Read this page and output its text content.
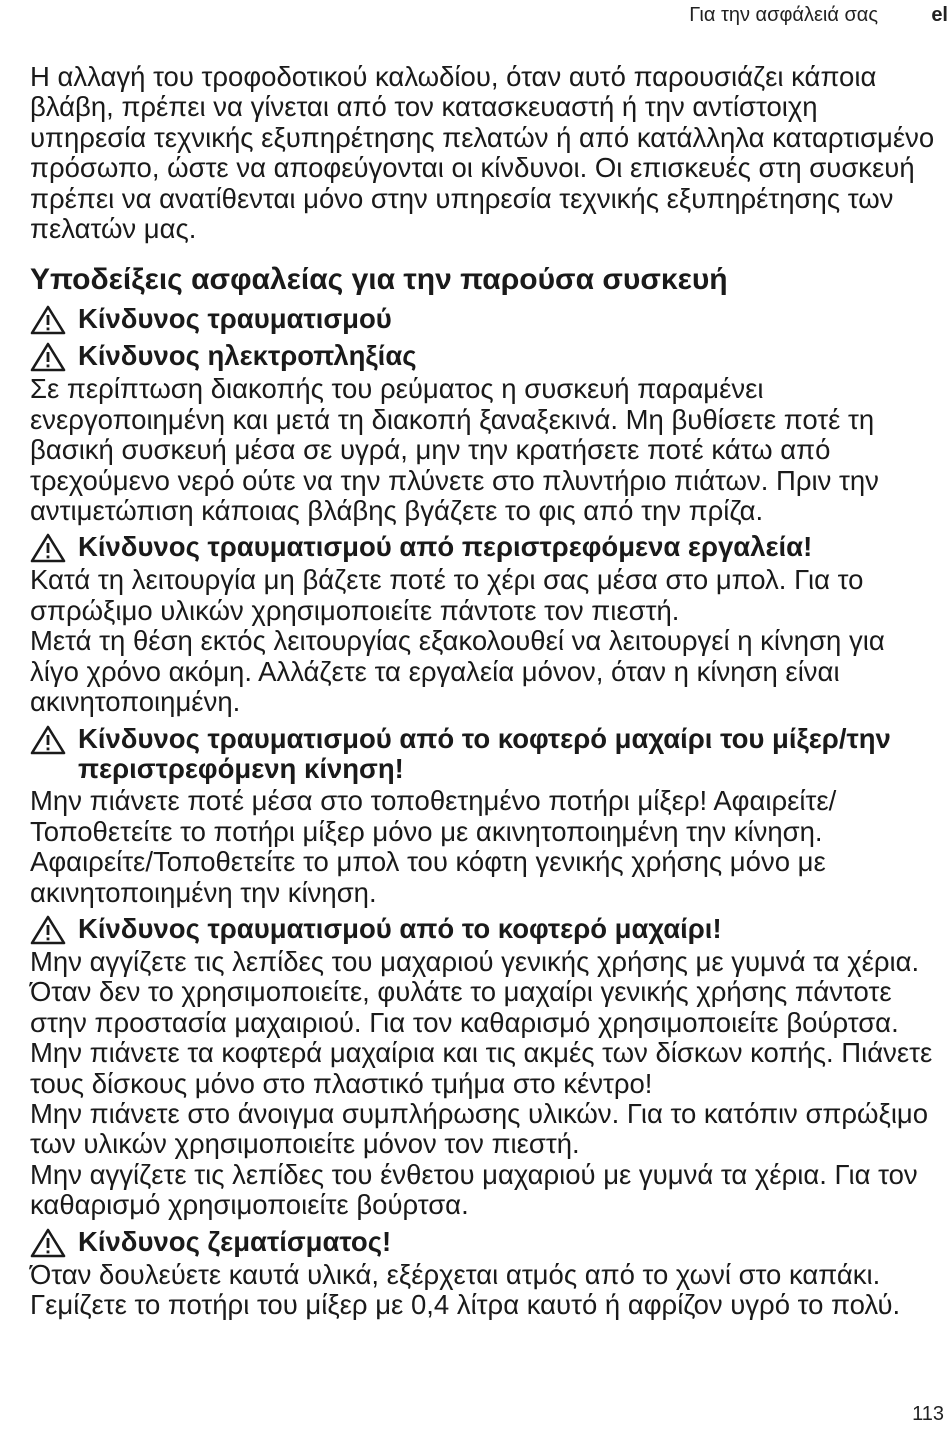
Για την ασφάλειά σας	el

Η αλλαγή του τροφοδοτικού καλωδίου, όταν αυτό παρουσιάζει κάποια βλάβη, πρέπει να γίνεται από τον κατασκευαστή ή την αντίστοιχη υπηρεσία τεχνικής εξυπηρέτησης πελατών ή από κατάλληλα καταρτισμένο πρόσωπο, ώστε να αποφεύγονται οι κίνδυνοι. Οι επισκευές στη συσκευή πρέπει να ανατίθενται μόνο στην υπηρεσία τεχνικής εξυπηρέτησης των πελατών μας.

Υποδείξεις ασφαλείας για την παρούσα συσκευή
Κίνδυνος τραυματισμού
Κίνδυνος ηλεκτροπληξίας

Σε περίπτωση διακοπής του ρεύματος η συσκευή παραμένει ενεργοποιημένη και μετά τη διακοπή ξαναξεκινά. Μη βυθίσετε ποτέ τη βασική συσκευή μέσα σε υγρά, μην την κρατήσετε ποτέ κάτω από τρεχούμενο νερό ούτε να την πλύνετε στο πλυντήριο πιάτων. Πριν την αντιμετώπιση κάποιας βλάβης βγάζετε το φις από την πρίζα.

Κίνδυνος τραυματισμού από περιστρεφόμενα εργαλεία!

Κατά τη λειτουργία μη βάζετε ποτέ το χέρι σας μέσα στο μπολ. Για το σπρώξιμο υλικών χρησιμοποιείτε πάντοτε τον πιεστή.

Μετά τη θέση εκτός λειτουργίας εξακολουθεί να λειτουργεί η κίνηση για λίγο χρόνο ακόμη. Αλλάζετε τα εργαλεία μόνον, όταν η κίνηση είναι ακινητοποιημένη.

Κίνδυνος τραυματισμού από το κοφτερό μαχαίρι του μίξερ/την περιστρεφόμενη κίνηση!

Μην πιάνετε ποτέ μέσα στο τοποθετημένο ποτήρι μίξερ! Αφαιρείτε/Τοποθετείτε το ποτήρι μίξερ μόνο με ακινητοποιημένη την κίνηση. Αφαιρείτε/Τοποθετείτε το μπολ του κόφτη γενικής χρήσης μόνο με ακινητοποιημένη την κίνηση.

Κίνδυνος τραυματισμού από το κοφτερό μαχαίρι!

Μην αγγίζετε τις λεπίδες του μαχαριού γενικής χρήσης με γυμνά τα χέρια. Όταν δεν το χρησιμοποιείτε, φυλάτε το μαχαίρι γενικής χρήσης πάντοτε στην προστασία μαχαιριού. Για τον καθαρισμό χρησιμοποιείτε βούρτσα.

Μην πιάνετε τα κοφτερά μαχαίρια και τις ακμές των δίσκων κοπής. Πιάνετε τους δίσκους μόνο στο πλαστικό τμήμα στο κέντρο!

Μην πιάνετε στο άνοιγμα συμπλήρωσης υλικών. Για το κατόπιν σπρώξιμο των υλικών χρησιμοποιείτε μόνον τον πιεστή.

Μην αγγίζετε τις λεπίδες του ένθετου μαχαριού με γυμνά τα χέρια. Για τον καθαρισμό χρησιμοποιείτε βούρτσα.

Κίνδυνος ζεματίσματος!

Όταν δουλεύετε καυτά υλικά, εξέρχεται ατμός από το χωνί στο καπάκι. Γεμίζετε το ποτήρι του μίξερ με 0,4 λίτρα καυτό ή αφρίζον υγρό το πολύ.

113
